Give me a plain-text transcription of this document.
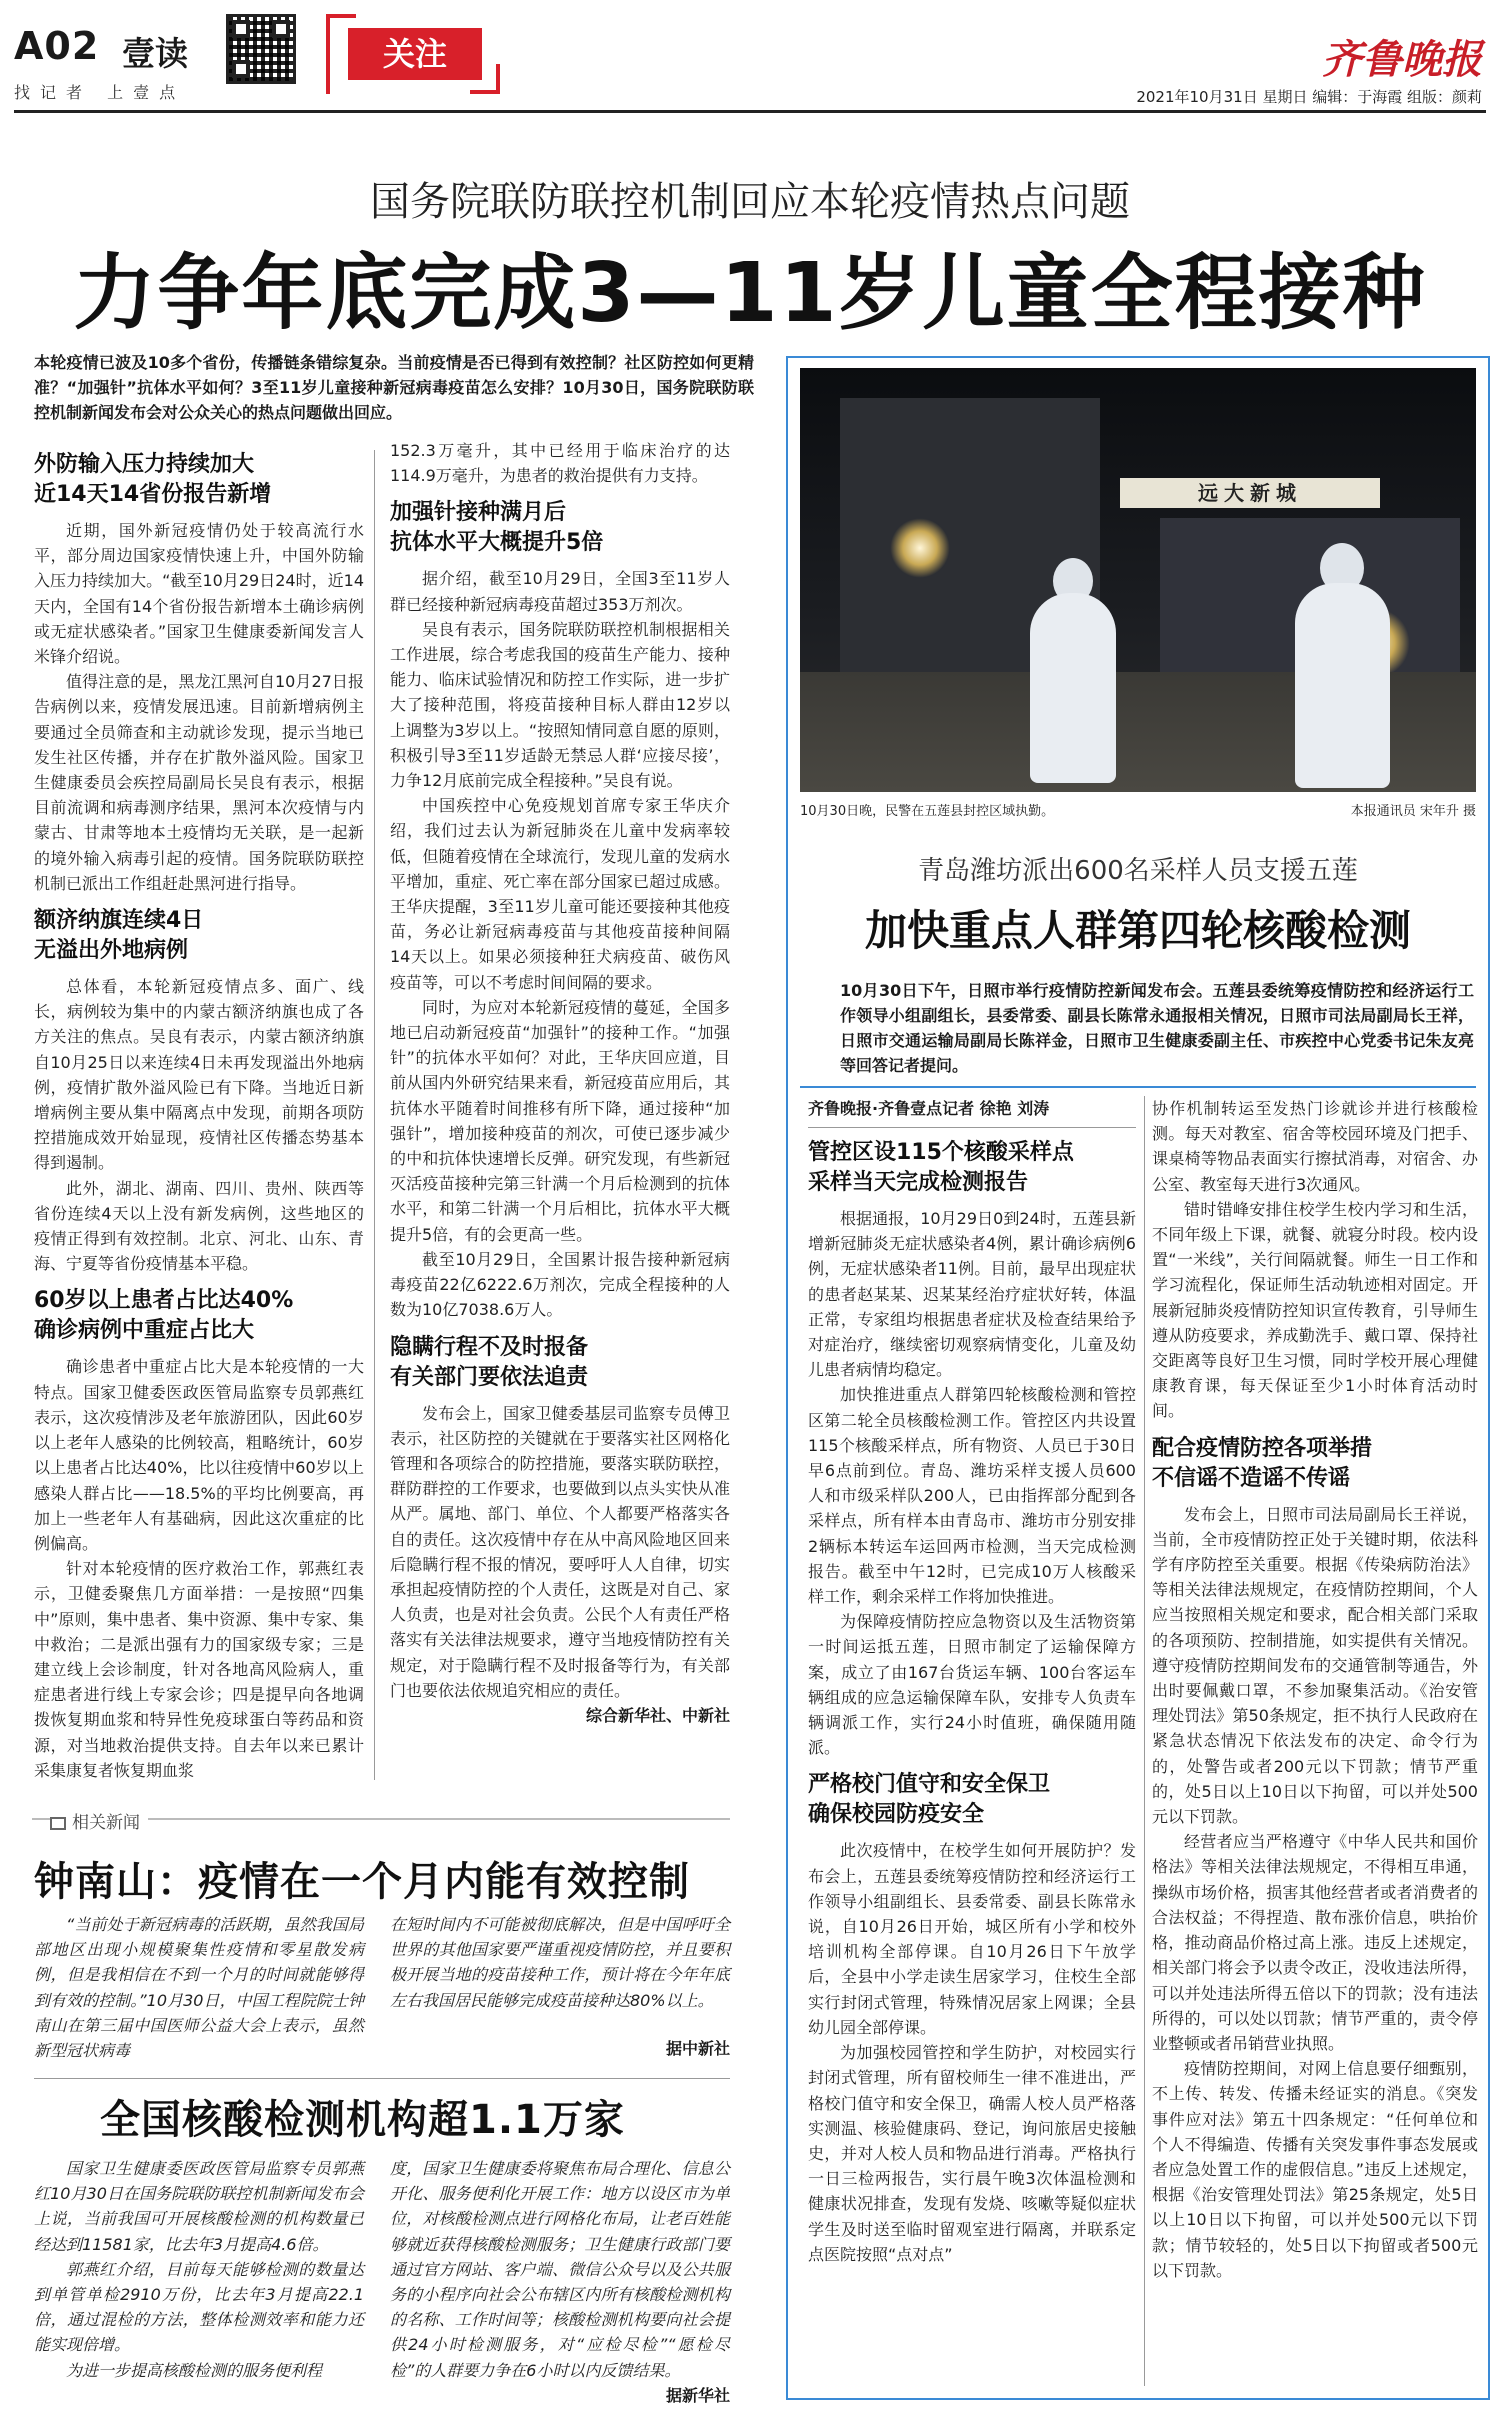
A02 壹读
找记者 上壹点
关注	齐鲁晚报
2021年10月31日 星期日 编辑：于海霞 组版：颜莉
国务院联防联控机制回应本轮疫情热点问题
力争年底完成3—11岁儿童全程接种
本轮疫情已波及10多个省份，传播链条错综复杂。当前疫情是否已得到有效控制？社区防控如何更精准？“加强针”抗体水平如何？3至11岁儿童接种新冠病毒疫苗怎么安排？10月30日，国务院联防联控机制新闻发布会对公众关心的热点问题做出回应。
外防输入压力持续加大
近14天14省份报告新增
近期，国外新冠疫情仍处于较高流行水平，部分周边国家疫情快速上升，中国外防输入压力持续加大。“截至10月29日24时，近14天内，全国有14个省份报告新增本土确诊病例或无症状感染者。”国家卫生健康委新闻发言人米锋介绍说。
值得注意的是，黑龙江黑河自10月27日报告病例以来，疫情发展迅速。目前新增病例主要通过全员筛查和主动就诊发现，提示当地已发生社区传播，并存在扩散外溢风险。国家卫生健康委员会疾控局副局长吴良有表示，根据目前流调和病毒测序结果，黑河本次疫情与内蒙古、甘肃等地本土疫情均无关联，是一起新的境外输入病毒引起的疫情。国务院联防联控机制已派出工作组赶赴黑河进行指导。
额济纳旗连续4日
无溢出外地病例
总体看，本轮新冠疫情点多、面广、线长，病例较为集中的内蒙古额济纳旗也成了各方关注的焦点。吴良有表示，内蒙古额济纳旗自10月25日以来连续4日未再发现溢出外地病例，疫情扩散外溢风险已有下降。当地近日新增病例主要从集中隔离点中发现，前期各项防控措施成效开始显现，疫情社区传播态势基本得到遏制。
此外，湖北、湖南、四川、贵州、陕西等省份连续4天以上没有新发病例，这些地区的疫情正得到有效控制。北京、河北、山东、青海、宁夏等省份疫情基本平稳。
60岁以上患者占比达40%
确诊病例中重症占比大
确诊患者中重症占比大是本轮疫情的一大特点。国家卫健委医政医管局监察专员郭燕红表示，这次疫情涉及老年旅游团队，因此60岁以上老年人感染的比例较高，粗略统计，60岁以上患者占比达40%，比以往疫情中60岁以上感染人群占比——18.5%的平均比例要高，再加上一些老年人有基础病，因此这次重症的比例偏高。
针对本轮疫情的医疗救治工作，郭燕红表示，卫健委聚焦几方面举措：一是按照“四集中”原则，集中患者、集中资源、集中专家、集中救治；二是派出强有力的国家级专家；三是建立线上会诊制度，针对各地高风险病人，重症患者进行线上专家会诊；四是提早向各地调拨恢复期血浆和特异性免疫球蛋白等药品和资源，对当地救治提供支持。自去年以来已累计采集康复者恢复期血浆
152.3万毫升，其中已经用于临床治疗的达114.9万毫升，为患者的救治提供有力支持。
加强针接种满月后
抗体水平大概提升5倍
据介绍，截至10月29日，全国3至11岁人群已经接种新冠病毒疫苗超过353万剂次。
吴良有表示，国务院联防联控机制根据相关工作进展，综合考虑我国的疫苗生产能力、接种能力、临床试验情况和防控工作实际，进一步扩大了接种范围，将疫苗接种目标人群由12岁以上调整为3岁以上。“按照知情同意自愿的原则，积极引导3至11岁适龄无禁忌人群‘应接尽接’，力争12月底前完成全程接种。”吴良有说。
中国疾控中心免疫规划首席专家王华庆介绍，我们过去认为新冠肺炎在儿童中发病率较低，但随着疫情在全球流行，发现儿童的发病水平增加，重症、死亡率在部分国家已超过成感。王华庆提醒，3至11岁儿童可能还要接种其他疫苗，务必让新冠病毒疫苗与其他疫苗接种间隔14天以上。如果必须接种狂犬病疫苗、破伤风疫苗等，可以不考虑时间间隔的要求。
同时，为应对本轮新冠疫情的蔓延，全国多地已启动新冠疫苗“加强针”的接种工作。“加强针”的抗体水平如何？对此，王华庆回应道，目前从国内外研究结果来看，新冠疫苗应用后，其抗体水平随着时间推移有所下降，通过接种“加强针”，增加接种疫苗的剂次，可使已逐步减少的中和抗体快速增长反弹。研究发现，有些新冠灭活疫苗接种完第三针满一个月后检测到的抗体水平，和第二针满一个月后相比，抗体水平大概提升5倍，有的会更高一些。
截至10月29日，全国累计报告接种新冠病毒疫苗22亿6222.6万剂次，完成全程接种的人数为10亿7038.6万人。
隐瞒行程不及时报备
有关部门要依法追责
发布会上，国家卫健委基层司监察专员傅卫表示，社区防控的关键就在于要落实社区网格化管理和各项综合的防控措施，要落实联防联控，群防群控的工作要求，也要做到以点头实快从准从严。属地、部门、单位、个人都要严格落实各自的责任。这次疫情中存在从中高风险地区回来后隐瞒行程不报的情况，要呼吁人人自律，切实承担起疫情防控的个人责任，这既是对自己、家人负责，也是对社会负责。公民个人有责任严格落实有关法律法规要求，遵守当地疫情防控有关规定，对于隐瞒行程不及时报备等行为，有关部门也要依法依规追究相应的责任。
综合新华社、中新社
相关新闻
钟南山：疫情在一个月内能有效控制
“当前处于新冠病毒的活跃期，虽然我国局部地区出现小规模聚集性疫情和零星散发病例，但是我相信在不到一个月的时间就能够得到有效的控制。”10月30日，中国工程院院士钟南山在第三届中国医师公益大会上表示，虽然新型冠状病毒
在短时间内不可能被彻底解决，但是中国呼吁全世界的其他国家要严谨重视疫情防控，并且要积极开展当地的疫苗接种工作，预计将在今年年底左右我国居民能够完成疫苗接种达80%以上。
据中新社
全国核酸检测机构超1.1万家
国家卫生健康委医政医管局监察专员郭燕红10月30日在国务院联防联控机制新闻发布会上说，当前我国可开展核酸检测的机构数量已经达到11581家，比去年3月提高4.6倍。
郭燕红介绍，目前每天能够检测的数量达到单管单检2910万份，比去年3月提高22.1倍，通过混检的方法，整体检测效率和能力还能实现倍增。
为进一步提高核酸检测的服务便利程
度，国家卫生健康委将聚焦布局合理化、信息公开化、服务便利化开展工作：地方以设区市为单位，对核酸检测点进行网格化布局，让老百姓能够就近获得核酸检测服务；卫生健康行政部门要通过官方网站、客户端、微信公众号以及公共服务的小程序向社会公布辖区内所有核酸检测机构的名称、工作时间等；核酸检测机构要向社会提供24小时检测服务，对“应检尽检”“愿检尽检”的人群要力争在6小时以内反馈结果。
据新华社
远大新城
10月30日晚，民警在五莲县封控区域执勤。	本报通讯员 宋年升 摄
青岛潍坊派出600名采样人员支援五莲
加快重点人群第四轮核酸检测
10月30日下午，日照市举行疫情防控新闻发布会。五莲县委统筹疫情防控和经济运行工作领导小组副组长，县委常委、副县长陈常永通报相关情况，日照市司法局副局长王祥，日照市交通运输局副局长陈祥金，日照市卫生健康委副主任、市疾控中心党委书记朱友亮等回答记者提问。
齐鲁晚报·齐鲁壹点记者 徐艳 刘涛
管控区设115个核酸采样点
采样当天完成检测报告
根据通报，10月29日0到24时，五莲县新增新冠肺炎无症状感染者4例，累计确诊病例6例，无症状感染者11例。目前，最早出现症状的患者赵某某、迟某某经治疗症状好转，体温正常，专家组均根据患者症状及检查结果给予对症治疗，继续密切观察病情变化，儿童及幼儿患者病情均稳定。
加快推进重点人群第四轮核酸检测和管控区第二轮全员核酸检测工作。管控区内共设置115个核酸采样点，所有物资、人员已于30日早6点前到位。青岛、潍坊采样支援人员600人和市级采样队200人，已由指挥部分配到各采样点，所有样本由青岛市、潍坊市分别安排2辆标本转运车运回两市检测，当天完成检测报告。截至中午12时，已完成10万人核酸采样工作，剩余采样工作将加快推进。
为保障疫情防控应急物资以及生活物资第一时间运抵五莲，日照市制定了运输保障方案，成立了由167台货运车辆、100台客运车辆组成的应急运输保障车队，安排专人负责车辆调派工作，实行24小时值班，确保随用随派。
严格校门值守和安全保卫
确保校园防疫安全
此次疫情中，在校学生如何开展防护？发布会上，五莲县委统筹疫情防控和经济运行工作领导小组副组长、县委常委、副县长陈常永说，自10月26日开始，城区所有小学和校外培训机构全部停课。自10月26日下午放学后，全县中小学走读生居家学习，住校生全部实行封闭式管理，特殊情况居家上网课；全县幼儿园全部停课。
为加强校园管控和学生防护，对校园实行封闭式管理，所有留校师生一律不准进出，严格校门值守和安全保卫，确需人校人员严格落实测温、核验健康码、登记，询问旅居史接触史，并对人校人员和物品进行消毒。严格执行一日三检两报告，实行晨午晚3次体温检测和健康状况排查，发现有发烧、咳嗽等疑似症状学生及时送至临时留观室进行隔离，并联系定点医院按照“点对点”
协作机制转运至发热门诊就诊并进行核酸检测。每天对教室、宿舍等校园环境及门把手、课桌椅等物品表面实行擦拭消毒，对宿舍、办公室、教室每天进行3次通风。
错时错峰安排住校学生校内学习和生活，不同年级上下课，就餐、就寝分时段。校内设置“一米线”，关行间隔就餐。师生一日工作和学习流程化，保证师生活动轨迹相对固定。开展新冠肺炎疫情防控知识宣传教育，引导师生遵从防疫要求，养成勤洗手、戴口罩、保持社交距离等良好卫生习惯，同时学校开展心理健康教育课，每天保证至少1小时体育活动时间。
配合疫情防控各项举措
不信谣不造谣不传谣
发布会上，日照市司法局副局长王祥说，当前，全市疫情防控正处于关键时期，依法科学有序防控至关重要。根据《传染病防治法》等相关法律法规规定，在疫情防控期间，个人应当按照相关规定和要求，配合相关部门采取的各项预防、控制措施，如实提供有关情况。遵守疫情防控期间发布的交通管制等通告，外出时要佩戴口罩，不参加聚集活动。《治安管理处罚法》第50条规定，拒不执行人民政府在紧急状态情况下依法发布的决定、命令行为的，处警告或者200元以下罚款；情节严重的，处5日以上10日以下拘留，可以并处500元以下罚款。
经营者应当严格遵守《中华人民共和国价格法》等相关法律法规规定，不得相互串通，操纵市场价格，损害其他经营者或者消费者的合法权益；不得捏造、散布涨价信息，哄抬价格，推动商品价格过高上涨。违反上述规定，相关部门将会予以责令改正，没收违法所得，可以并处违法所得五倍以下的罚款；没有违法所得的，可以处以罚款；情节严重的，责令停业整顿或者吊销营业执照。
疫情防控期间，对网上信息要仔细甄别，不上传、转发、传播未经证实的消息。《突发事件应对法》第五十四条规定：“任何单位和个人不得编造、传播有关突发事件事态发展或者应急处置工作的虚假信息。”违反上述规定，根据《治安管理处罚法》第25条规定，处5日以上10日以下拘留，可以并处500元以下罚款；情节较轻的，处5日以下拘留或者500元以下罚款。
